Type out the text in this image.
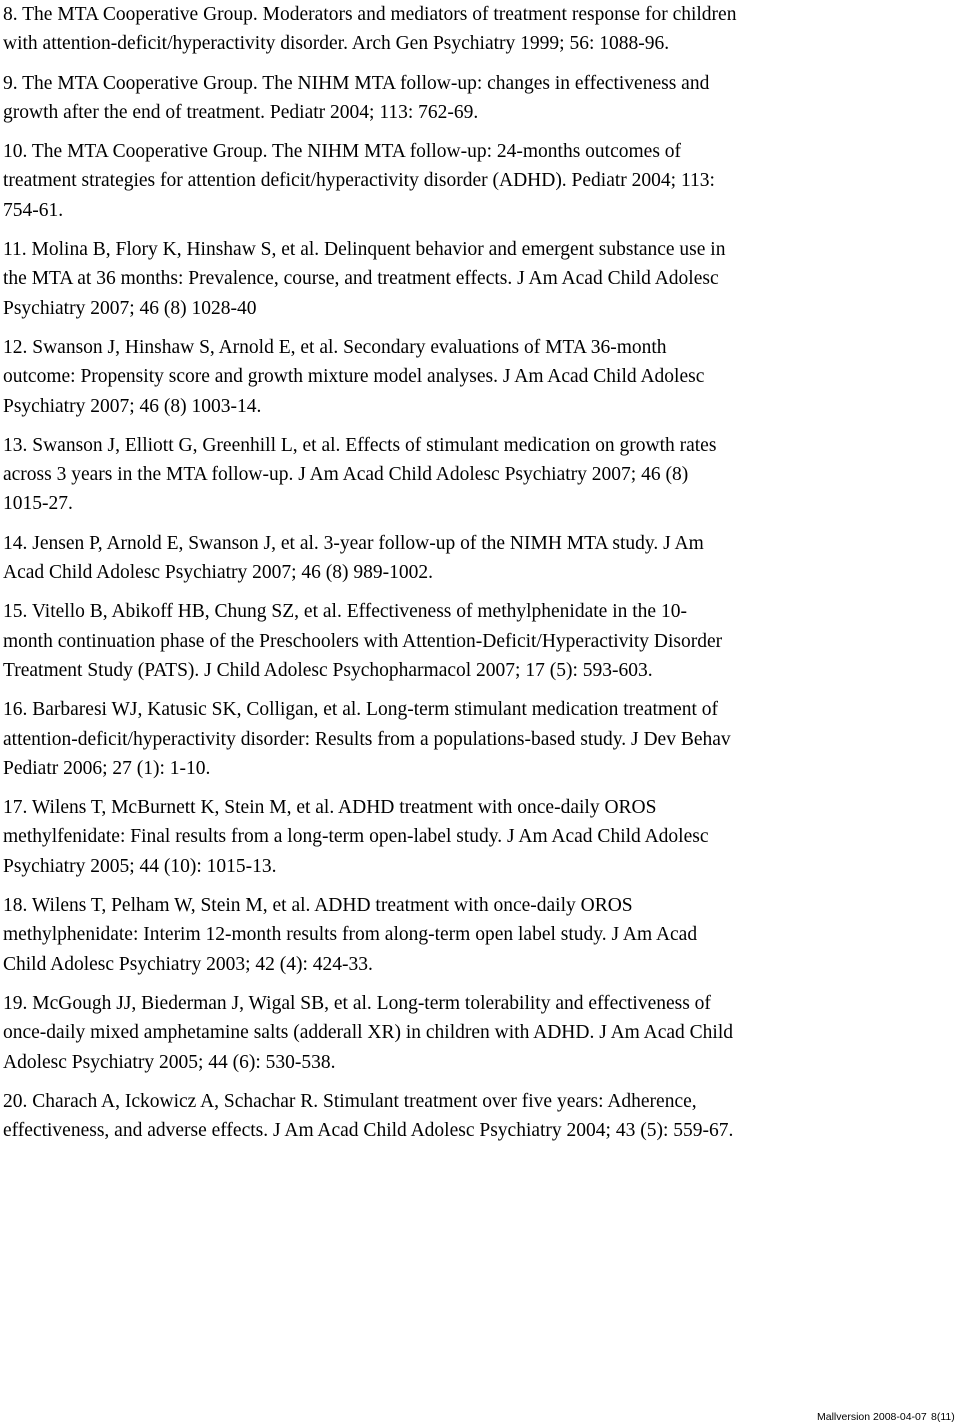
8. The MTA Cooperative Group. Moderators and mediators of treatment response for children
with attention-deficit/hyperactivity disorder. Arch Gen Psychiatry 1999; 56: 1088-96.
9. The MTA Cooperative Group. The NIHM MTA follow-up: changes in effectiveness and
growth after the end of treatment. Pediatr 2004; 113: 762-69.
10. The MTA Cooperative Group. The NIHM MTA follow-up: 24-months outcomes of
treatment strategies for attention deficit/hyperactivity disorder (ADHD). Pediatr 2004; 113:
754-61.
11. Molina B, Flory K, Hinshaw S, et al. Delinquent behavior and emergent substance use in
the MTA at 36 months: Prevalence, course, and treatment effects. J Am Acad Child Adolesc
Psychiatry 2007; 46 (8) 1028-40
12. Swanson J, Hinshaw S, Arnold E, et al. Secondary evaluations of MTA 36-month
outcome: Propensity score and growth mixture model analyses. J Am Acad Child Adolesc
Psychiatry 2007; 46 (8) 1003-14.
13. Swanson J, Elliott G, Greenhill L, et al. Effects of stimulant medication on growth rates
across 3 years in the MTA follow-up. J Am Acad Child Adolesc Psychiatry 2007; 46 (8)
1015-27.
14. Jensen P, Arnold E, Swanson J, et al. 3-year follow-up of the NIMH MTA study. J Am
Acad Child Adolesc Psychiatry 2007; 46 (8) 989-1002.
15. Vitello B, Abikoff HB, Chung SZ, et al. Effectiveness of methylphenidate in the 10-
month continuation phase of the Preschoolers with Attention-Deficit/Hyperactivity Disorder
Treatment Study (PATS). J Child Adolesc Psychopharmacol 2007; 17 (5): 593-603.
16. Barbaresi WJ, Katusic SK, Colligan, et al. Long-term stimulant medication treatment of
attention-deficit/hyperactivity disorder: Results from a populations-based study. J Dev Behav
Pediatr 2006; 27 (1): 1-10.
17. Wilens T, McBurnett K, Stein M, et al. ADHD treatment with once-daily OROS
methylfenidate: Final results from a long-term open-label study. J Am Acad Child Adolesc
Psychiatry 2005; 44 (10): 1015-13.
18. Wilens T, Pelham W, Stein M, et al. ADHD treatment with once-daily OROS
methylphenidate: Interim 12-month results from along-term open label study. J Am Acad
Child Adolesc Psychiatry 2003; 42 (4): 424-33.
19. McGough JJ, Biederman J, Wigal SB, et al. Long-term tolerability and effectiveness of
once-daily mixed amphetamine salts (adderall XR) in children with ADHD. J Am Acad Child
Adolesc Psychiatry 2005; 44 (6): 530-538.
20. Charach A, Ickowicz A, Schachar R. Stimulant treatment over five years: Adherence,
effectiveness, and adverse effects. J Am Acad Child Adolesc Psychiatry 2004; 43 (5): 559-67.
Mallversion 2008-04-07 8(11)
